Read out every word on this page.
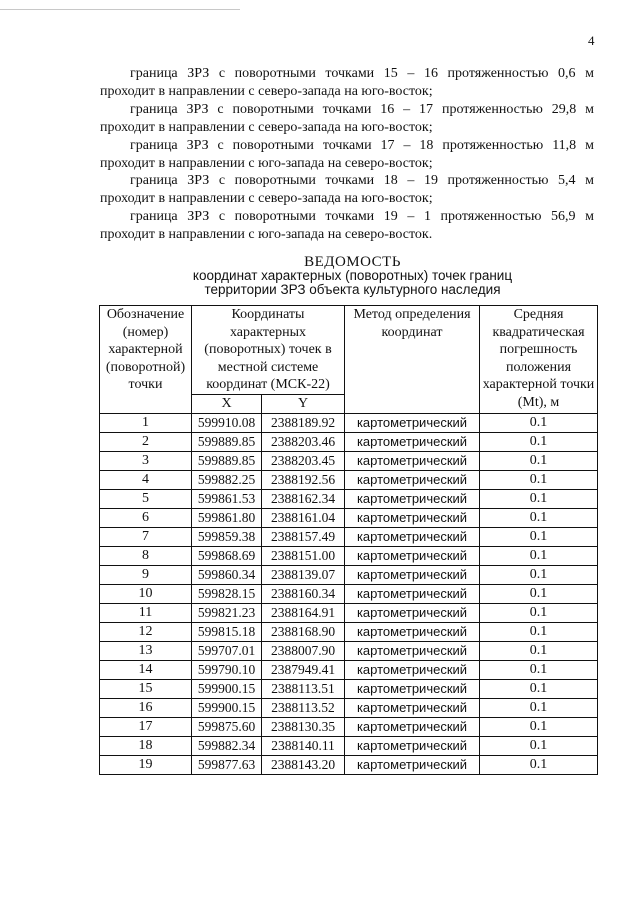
4
граница ЗРЗ с поворотными точками 15 – 16 протяженностью 0,6 м
проходит в направлении с северо-запада на юго-восток;
граница ЗРЗ с поворотными точками 16 – 17 протяженностью 29,8 м
проходит в направлении с северо-запада на юго-восток;
граница ЗРЗ с поворотными точками 17 – 18 протяженностью 11,8 м
проходит в направлении с юго-запада на северо-восток;
граница ЗРЗ с поворотными точками 18 – 19 протяженностью 5,4 м
проходит в направлении с северо-запада на юго-восток;
граница ЗРЗ с поворотными точками 19 – 1 протяженностью 56,9 м
проходит в направлении с юго-запада на северо-восток.
ВЕДОМОСТЬ
координат характерных (поворотных) точек границ
территории ЗРЗ объекта культурного наследия
Обозначение (номер) характерной (поворотной) точки	Координаты характерных (поворотных) точек в местной системе координат (МСК-22)		Метод определения координат	Средняя квадратическая погрешность положения характерной точки (Mt), м
	X	Y		
1	599910.08	2388189.92	картометрический	0.1
2	599889.85	2388203.46	картометрический	0.1
3	599889.85	2388203.45	картометрический	0.1
4	599882.25	2388192.56	картометрический	0.1
5	599861.53	2388162.34	картометрический	0.1
6	599861.80	2388161.04	картометрический	0.1
7	599859.38	2388157.49	картометрический	0.1
8	599868.69	2388151.00	картометрический	0.1
9	599860.34	2388139.07	картометрический	0.1
10	599828.15	2388160.34	картометрический	0.1
11	599821.23	2388164.91	картометрический	0.1
12	599815.18	2388168.90	картометрический	0.1
13	599707.01	2388007.90	картометрический	0.1
14	599790.10	2387949.41	картометрический	0.1
15	599900.15	2388113.51	картометрический	0.1
16	599900.15	2388113.52	картометрический	0.1
17	599875.60	2388130.35	картометрический	0.1
18	599882.34	2388140.11	картометрический	0.1
19	599877.63	2388143.20	картометрический	0.1
